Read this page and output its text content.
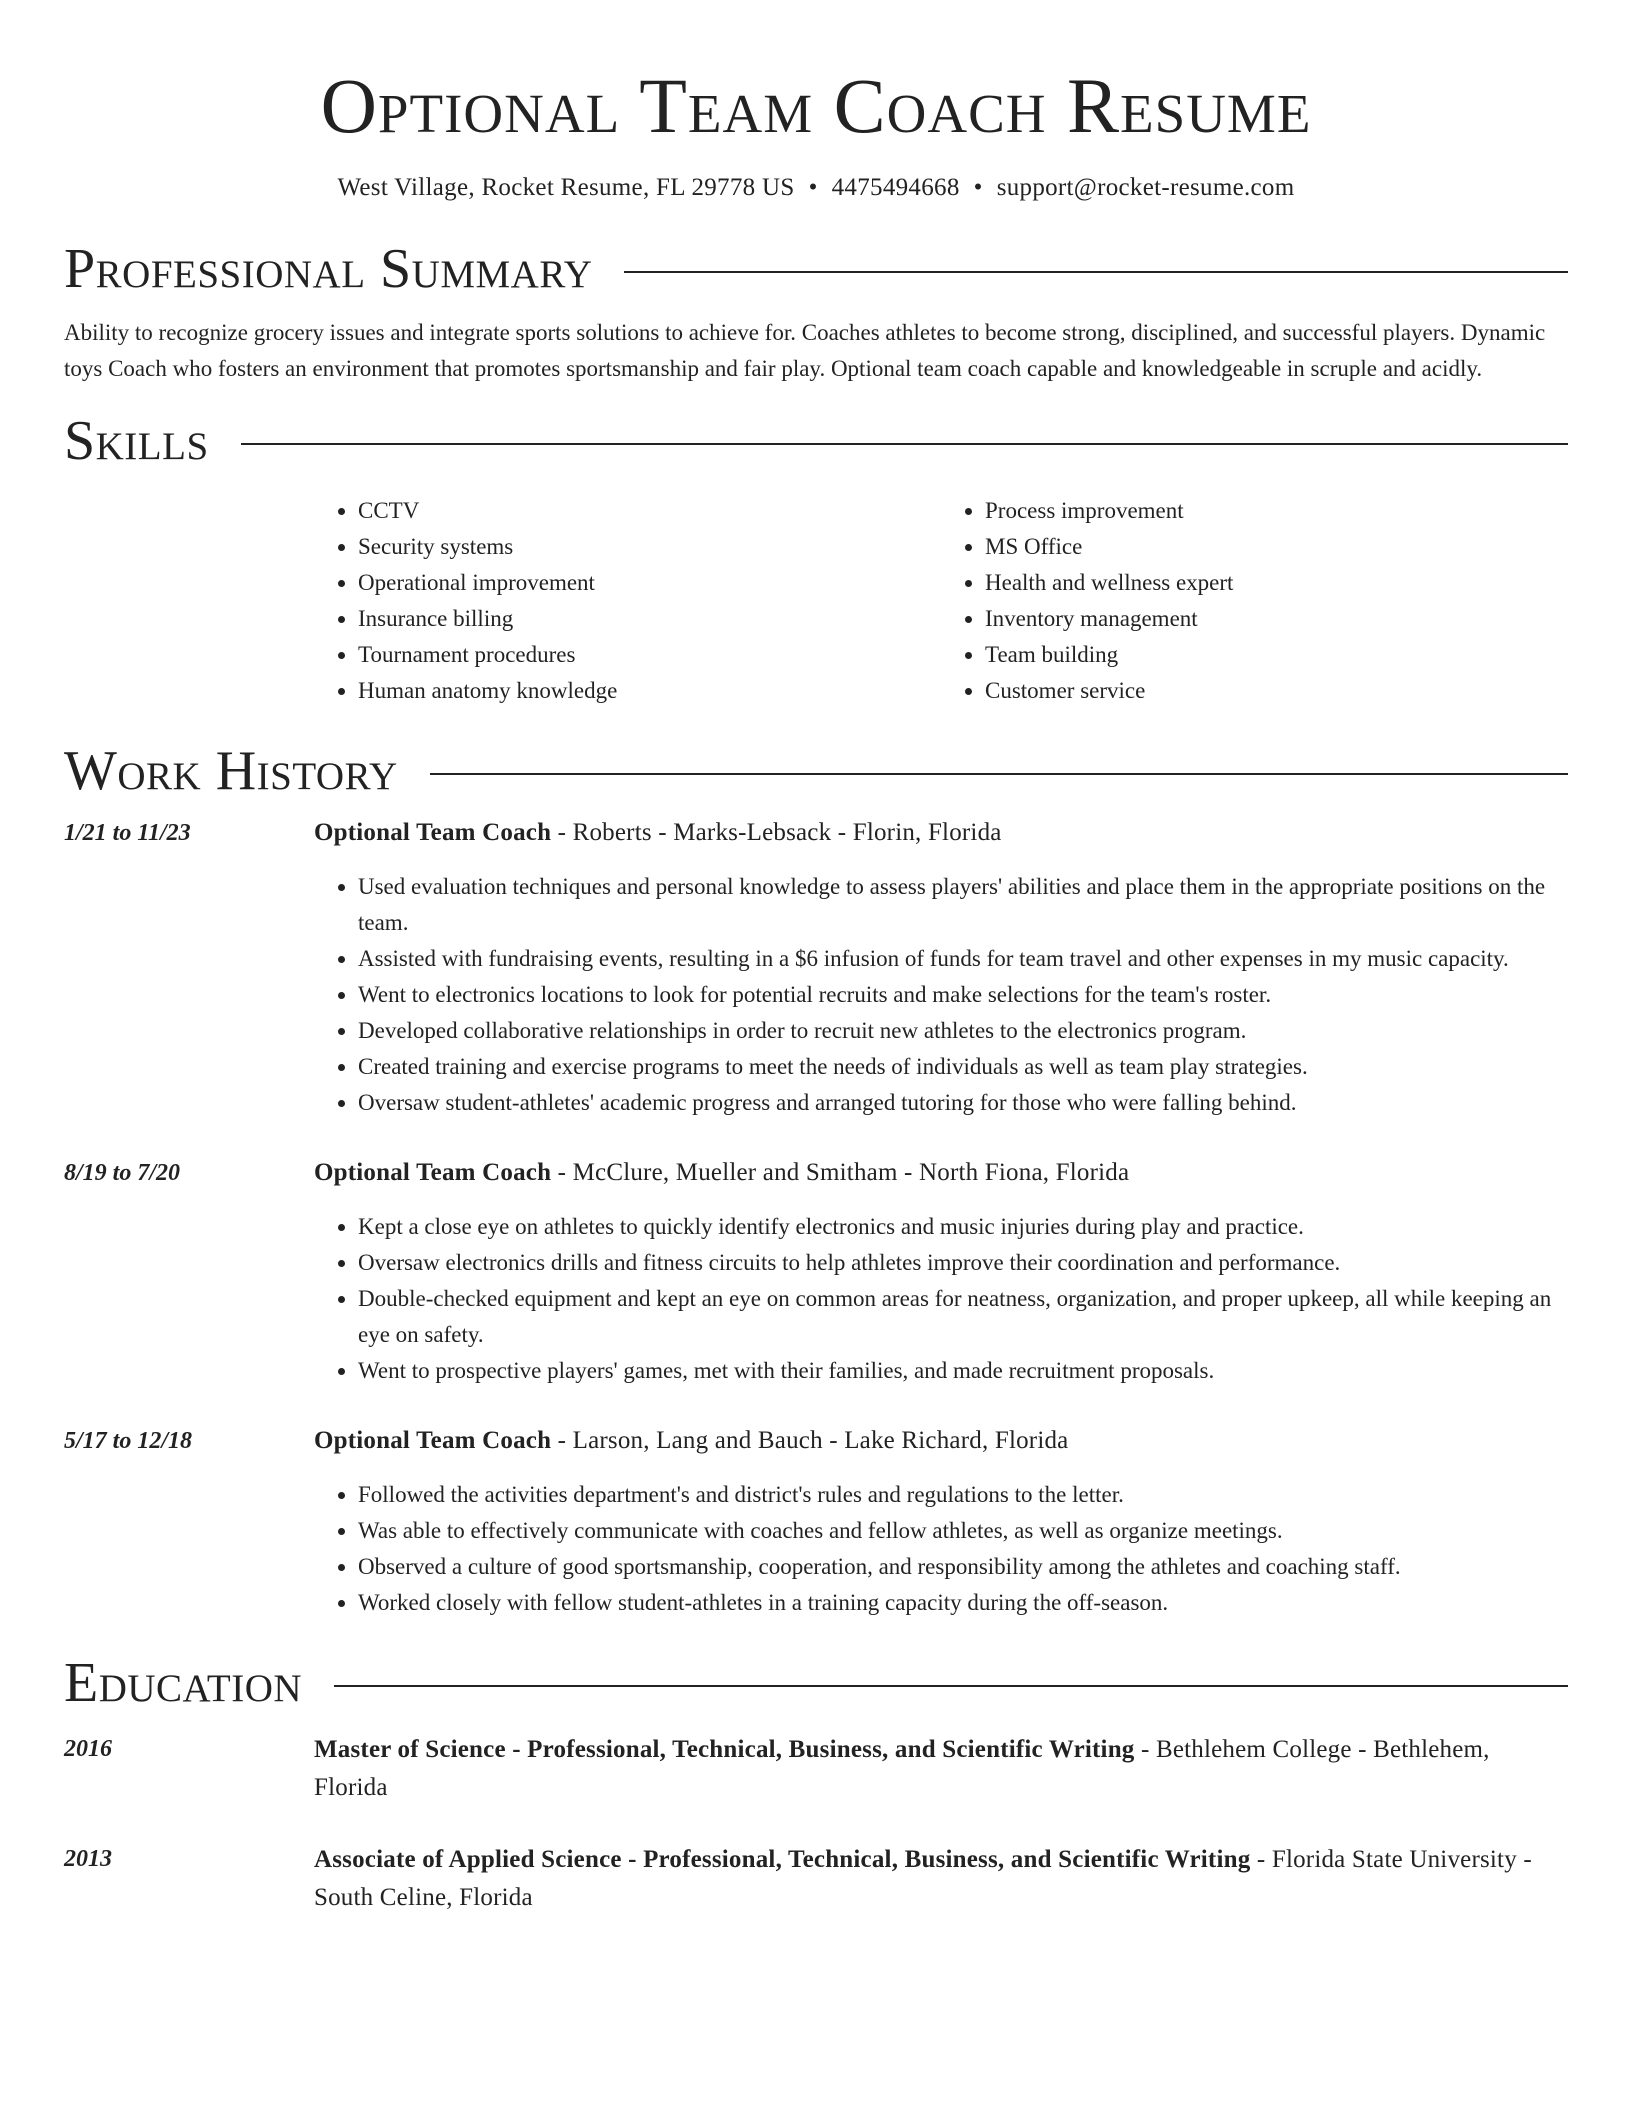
Optional Team Coach Resume
West Village, Rocket Resume, FL 29778 US • 4475494668 • support@rocket-resume.com
Professional Summary

Ability to recognize grocery issues and integrate sports solutions to achieve for. Coaches athletes to become strong, disciplined, and successful players. Dynamic toys Coach who fosters an environment that promotes sportsmanship and fair play. Optional team coach capable and knowledgeable in scruple and acidly.

Skills
• CCTV
• Security systems
• Operational improvement
• Insurance billing
• Tournament procedures
• Human anatomy knowledge
• Process improvement
• MS Office
• Health and wellness expert
• Inventory management
• Team building
• Customer service
Work History
1/21 to 11/23	Optional Team Coach - Roberts - Marks-Lebsack - Florin, Florida
• Used evaluation techniques and personal knowledge to assess players' abilities and place them in the appropriate positions on the team.
• Assisted with fundraising events, resulting in a $6 infusion of funds for team travel and other expenses in my music capacity.
• Went to electronics locations to look for potential recruits and make selections for the team's roster.
• Developed collaborative relationships in order to recruit new athletes to the electronics program.
• Created training and exercise programs to meet the needs of individuals as well as team play strategies.
• Oversaw student-athletes' academic progress and arranged tutoring for those who were falling behind.
8/19 to 7/20	Optional Team Coach - McClure, Mueller and Smitham - North Fiona, Florida
• Kept a close eye on athletes to quickly identify electronics and music injuries during play and practice.
• Oversaw electronics drills and fitness circuits to help athletes improve their coordination and performance.
• Double-checked equipment and kept an eye on common areas for neatness, organization, and proper upkeep, all while keeping an eye on safety.
• Went to prospective players' games, met with their families, and made recruitment proposals.
5/17 to 12/18	Optional Team Coach - Larson, Lang and Bauch - Lake Richard, Florida
• Followed the activities department's and district's rules and regulations to the letter.
• Was able to effectively communicate with coaches and fellow athletes, as well as organize meetings.
• Observed a culture of good sportsmanship, cooperation, and responsibility among the athletes and coaching staff.
• Worked closely with fellow student-athletes in a training capacity during the off-season.
Education
2016	Master of Science - Professional, Technical, Business, and Scientific Writing - Bethlehem College - Bethlehem, Florida
2013	Associate of Applied Science - Professional, Technical, Business, and Scientific Writing - Florida State University - South Celine, Florida
